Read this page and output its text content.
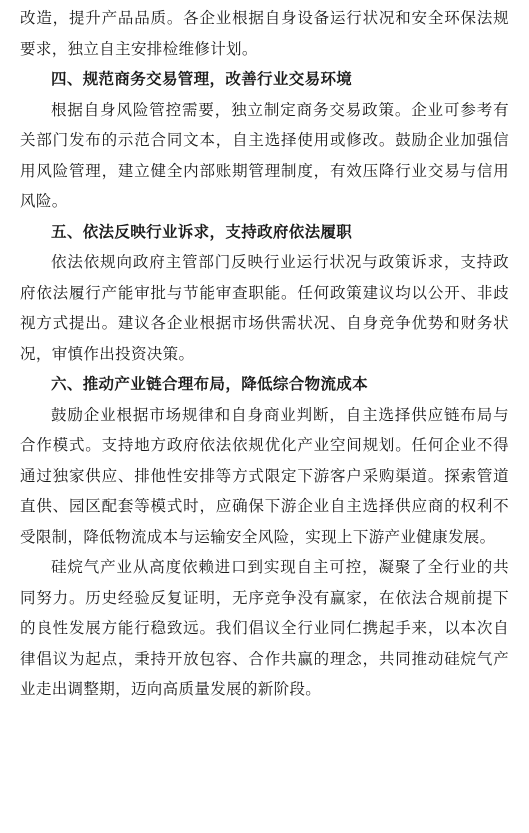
改造，提升产品品质。各企业根据自身设备运行状况和安全环保法规要求，独立自主安排检维修计划。

四、规范商务交易管理，改善行业交易环境

根据自身风险管控需要，独立制定商务交易政策。企业可参考有关部门发布的示范合同文本，自主选择使用或修改。鼓励企业加强信用风险管理，建立健全内部账期管理制度，有效压降行业交易与信用风险。

五、依法反映行业诉求，支持政府依法履职

依法依规向政府主管部门反映行业运行状况与政策诉求，支持政府依法履行产能审批与节能审查职能。任何政策建议均以公开、非歧视方式提出。建议各企业根据市场供需状况、自身竞争优势和财务状况，审慎作出投资决策。

六、推动产业链合理布局，降低综合物流成本

鼓励企业根据市场规律和自身商业判断，自主选择供应链布局与合作模式。支持地方政府依法依规优化产业空间规划。任何企业不得通过独家供应、排他性安排等方式限定下游客户采购渠道。探索管道直供、园区配套等模式时，应确保下游企业自主选择供应商的权利不受限制，降低物流成本与运输安全风险，实现上下游产业健康发展。

硅烷气产业从高度依赖进口到实现自主可控，凝聚了全行业的共同努力。历史经验反复证明，无序竞争没有赢家，在依法合规前提下的良性发展方能行稳致远。我们倡议全行业同仁携起手来，以本次自律倡议为起点，秉持开放包容、合作共赢的理念，共同推动硅烷气产业走出调整期，迈向高质量发展的新阶段。
